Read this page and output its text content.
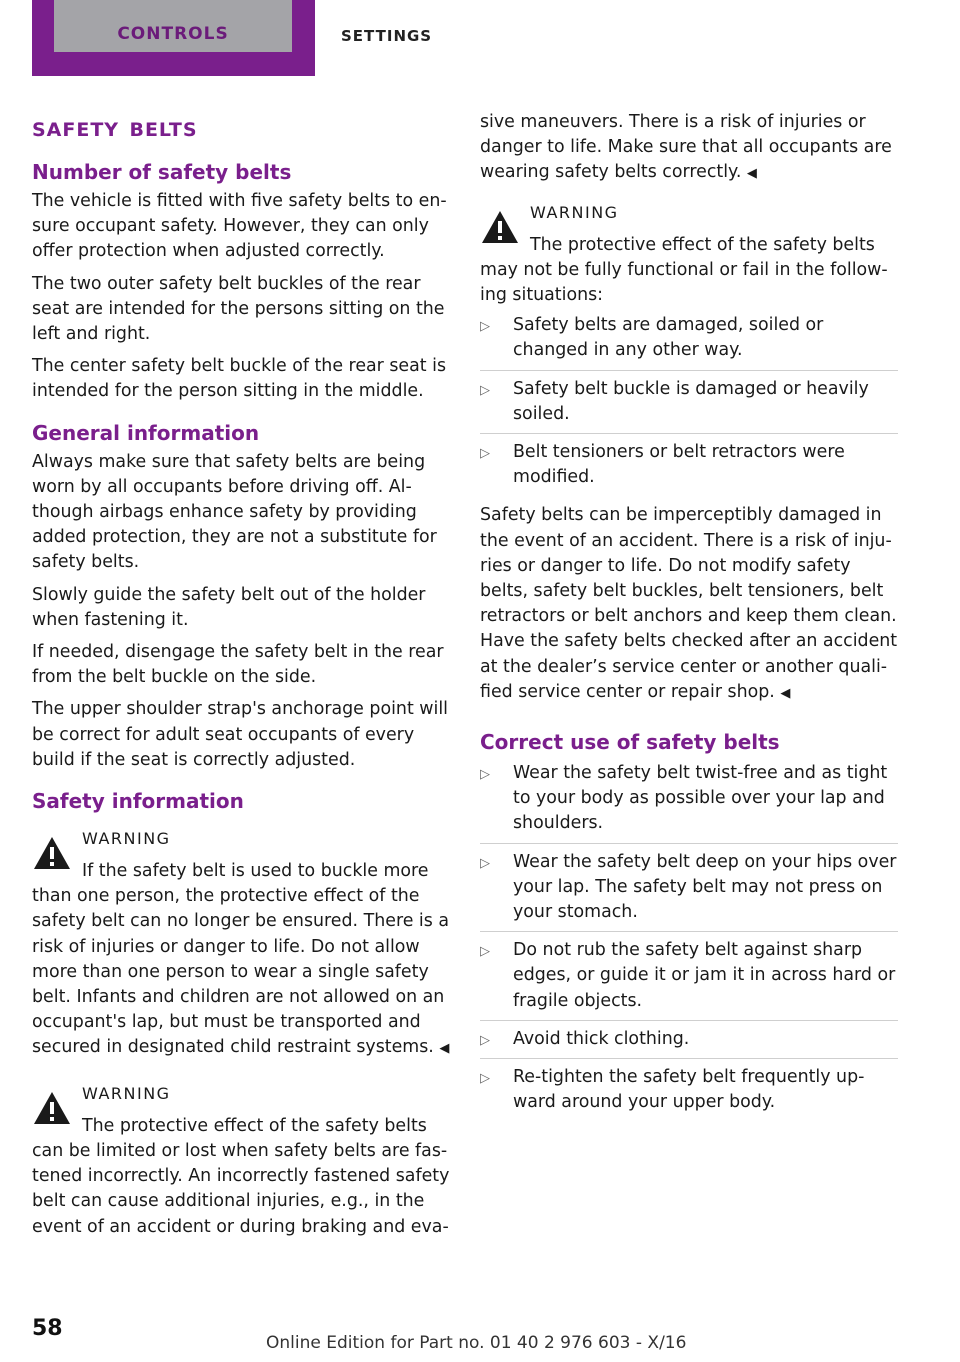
CONTROLS	SETTINGS
safety belts
Number of safety belts

The vehicle is fitted with five safety belts to en‐sure occupant safety. However, they can only offer protection when adjusted correctly.

The two outer safety belt buckles of the rear seat are intended for the persons sitting on the left and right.

The center safety belt buckle of the rear seat is intended for the person sitting in the middle.

General information

Always make sure that safety belts are being worn by all occupants before driving off. Al‐though airbags enhance safety by providing added protection, they are not a substitute for safety belts.

Slowly guide the safety belt out of the holder when fastening it.

If needed, disengage the safety belt in the rear from the belt buckle on the side.

The upper shoulder strap's anchorage point will be correct for adult seat occupants of every build if the seat is correctly adjusted.

Safety information
WARNING

If the safety belt is used to buckle more than one person, the protective effect of the safety belt can no longer be ensured. There is a risk of injuries or danger to life. Do not allow more than one person to wear a single safety belt. Infants and children are not allowed on an occupant's lap, but must be transported and secured in designated child restraint systems. ◀

WARNING

The protective effect of the safety belts can be limited or lost when safety belts are fas‐tened incorrectly. An incorrectly fastened safety belt can cause additional injuries, e.g., in the event of an accident or during braking and eva‐

sive maneuvers. There is a risk of injuries or danger to life. Make sure that all occupants are wearing safety belts correctly. ◀

WARNING

The protective effect of the safety belts may not be fully functional or fail in the follow‐ing situations:

▷ Safety belts are damaged, soiled or changed in any other way.
▷ Safety belt buckle is damaged or heavily soiled.
▷ Belt tensioners or belt retractors were modified.

Safety belts can be imperceptibly damaged in the event of an accident. There is a risk of inju‐ries or danger to life. Do not modify safety belts, safety belt buckles, belt tensioners, belt retractors or belt anchors and keep them clean. Have the safety belts checked after an accident at the dealer’s service center or another quali‐fied service center or repair shop. ◀

Correct use of safety belts
▷ Wear the safety belt twist-free and as tight to your body as possible over your lap and shoulders.
▷ Wear the safety belt deep on your hips over your lap. The safety belt may not press on your stomach.
▷ Do not rub the safety belt against sharp edges, or guide it or jam it in across hard or fragile objects.
▷ Avoid thick clothing.
▷ Re-tighten the safety belt frequently up‐ward around your upper body.
58
Online Edition for Part no. 01 40 2 976 603 - X/16
